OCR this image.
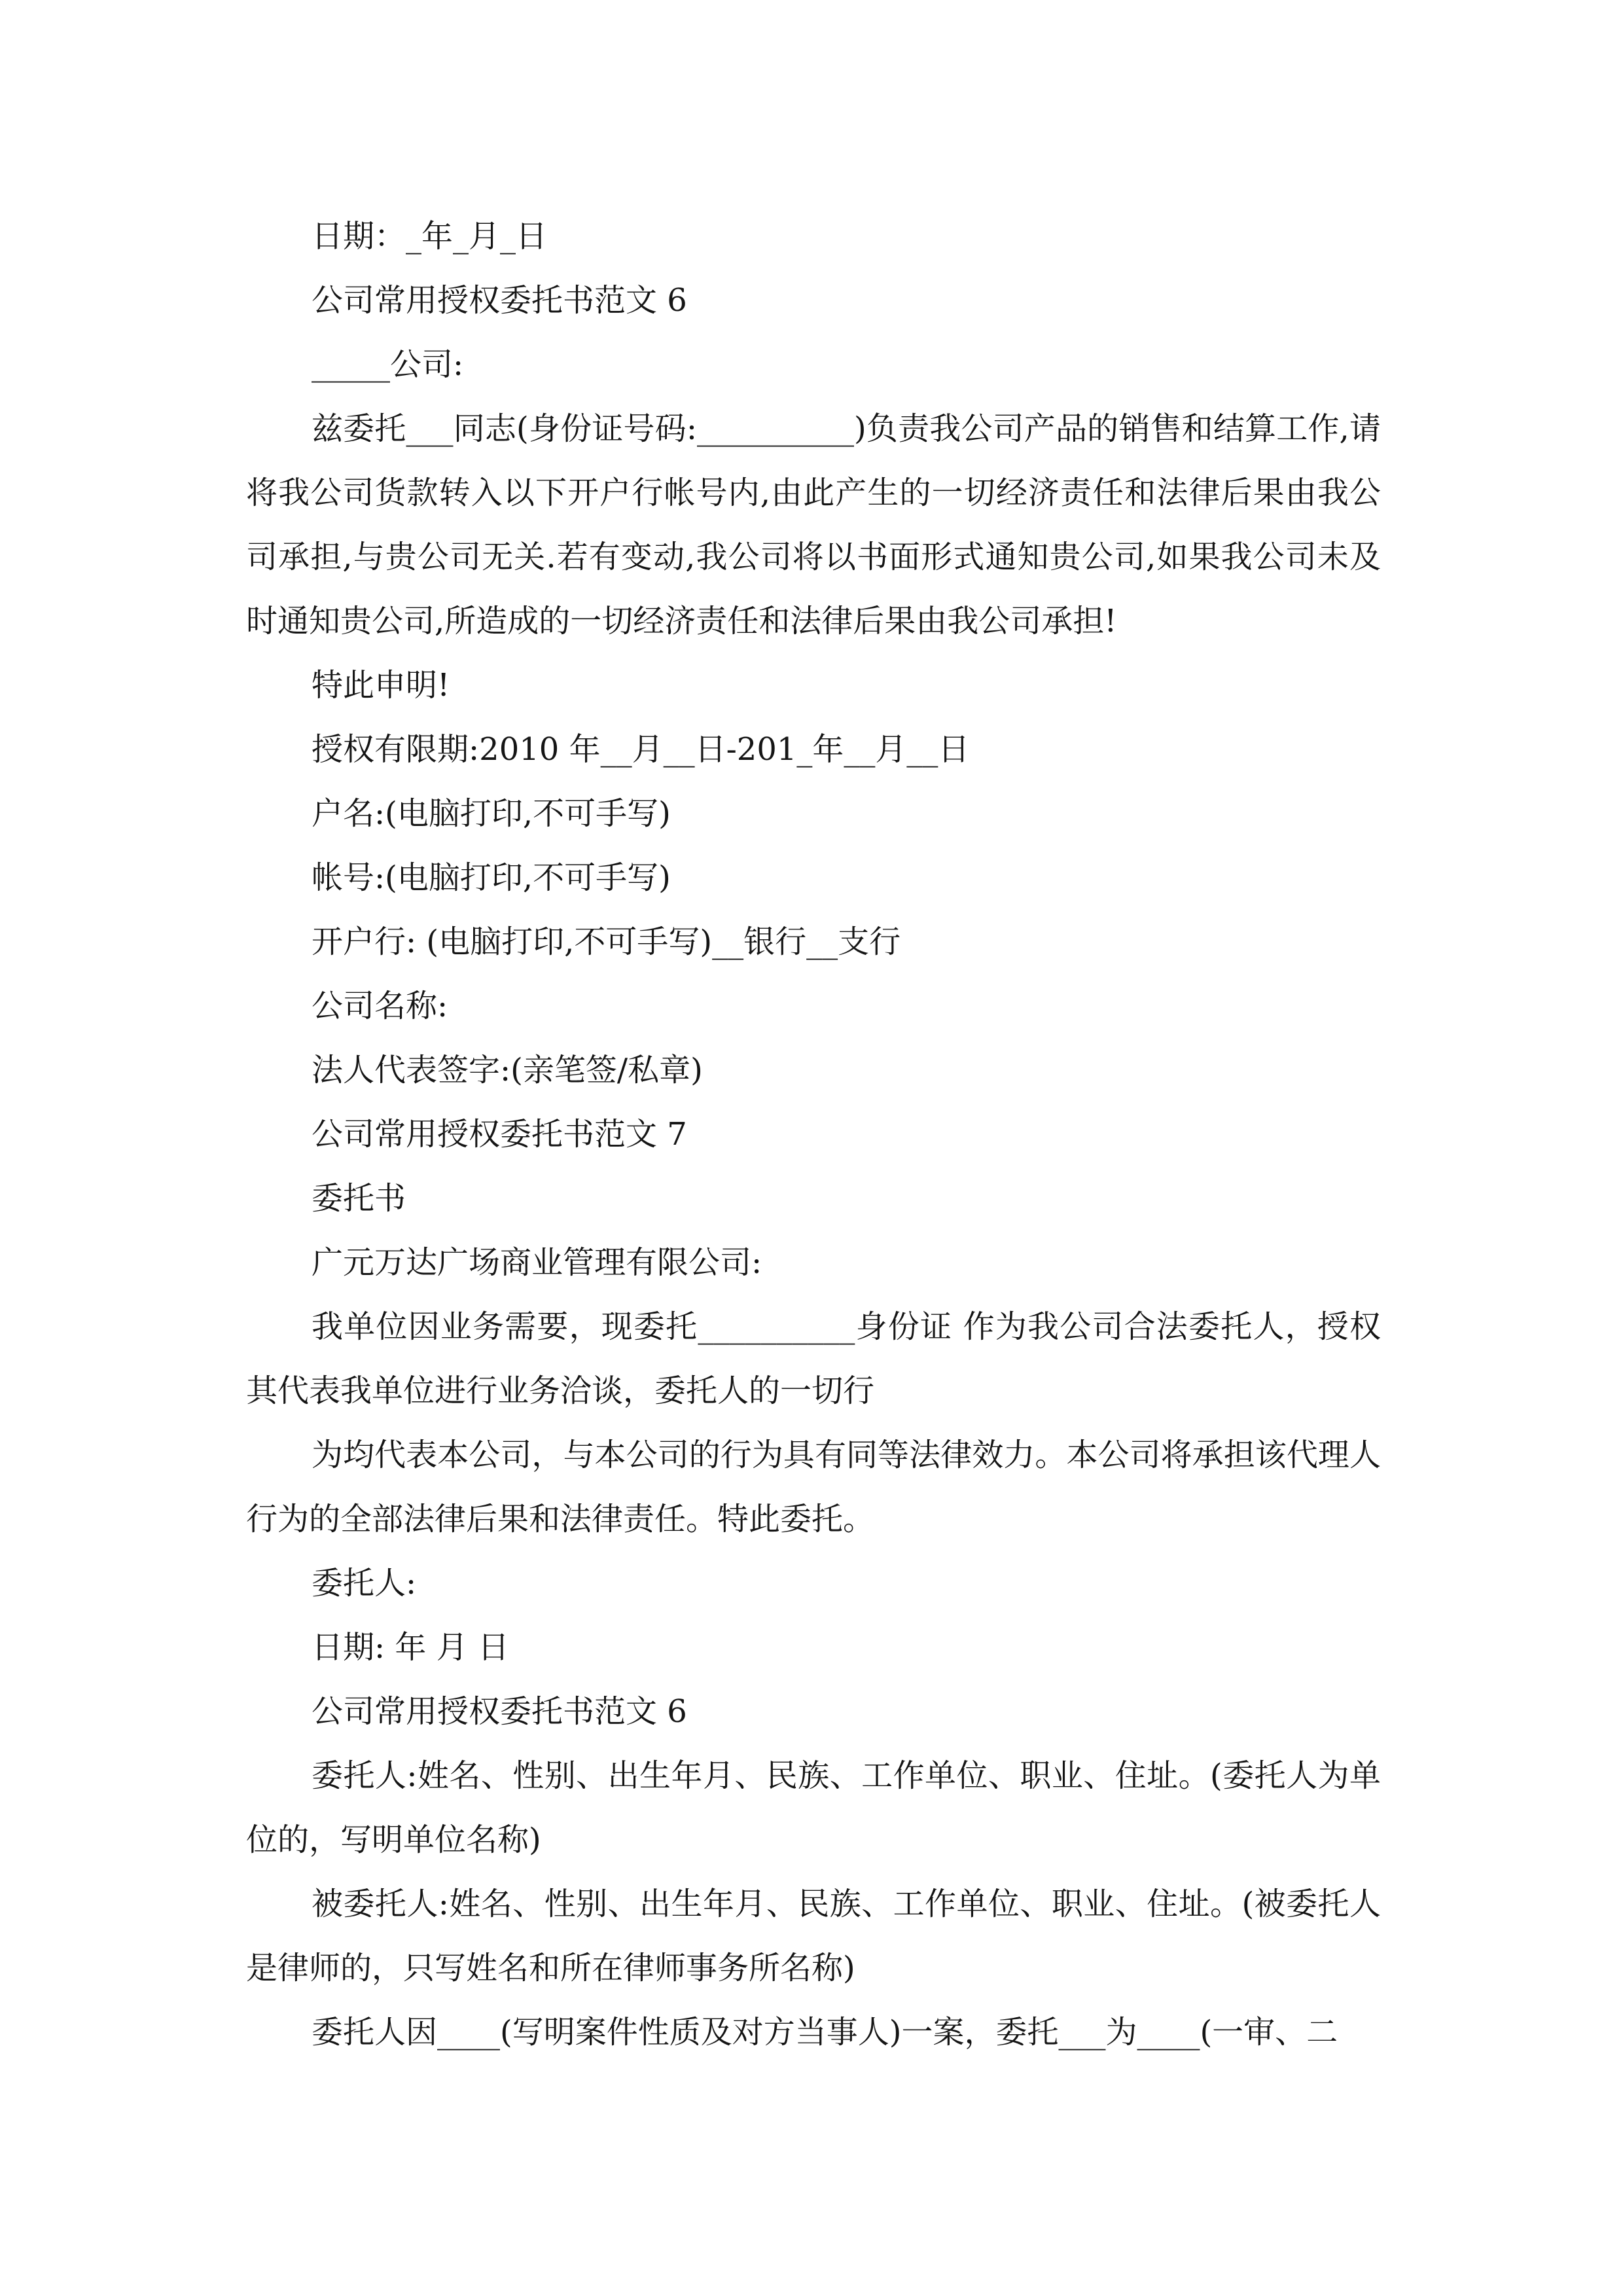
日期：_年_月_日

公司常用授权委托书范文 6

_____公司:

兹委托___同志(身份证号码:__________)负责我公司产品的销售和结算工作,请将我公司货款转入以下开户行帐号内,由此产生的一切经济责任和法律后果由我公司承担,与贵公司无关.若有变动,我公司将以书面形式通知贵公司,如果我公司未及时通知贵公司,所造成的一切经济责任和法律后果由我公司承担!

特此申明!

授权有限期:2010 年__月__日-201_年__月__日

户名:(电脑打印,不可手写)

帐号:(电脑打印,不可手写)

开户行: (电脑打印,不可手写)__银行__支行

公司名称:

法人代表签字:(亲笔签/私章)

公司常用授权委托书范文 7

委托书

广元万达广场商业管理有限公司:

我单位因业务需要，现委托__________身份证 作为我公司合法委托人，授权其代表我单位进行业务洽谈，委托人的一切行

为均代表本公司，与本公司的行为具有同等法律效力。本公司将承担该代理人行为的全部法律后果和法律责任。特此委托。

委托人:

日期: 年 月 日

公司常用授权委托书范文 6

委托人:姓名、性别、出生年月、民族、工作单位、职业、住址。(委托人为单位的，写明单位名称)

被委托人:姓名、性别、出生年月、民族、工作单位、职业、住址。(被委托人是律师的，只写姓名和所在律师事务所名称)

委托人因____(写明案件性质及对方当事人)一案，委托___为____(一审、二
